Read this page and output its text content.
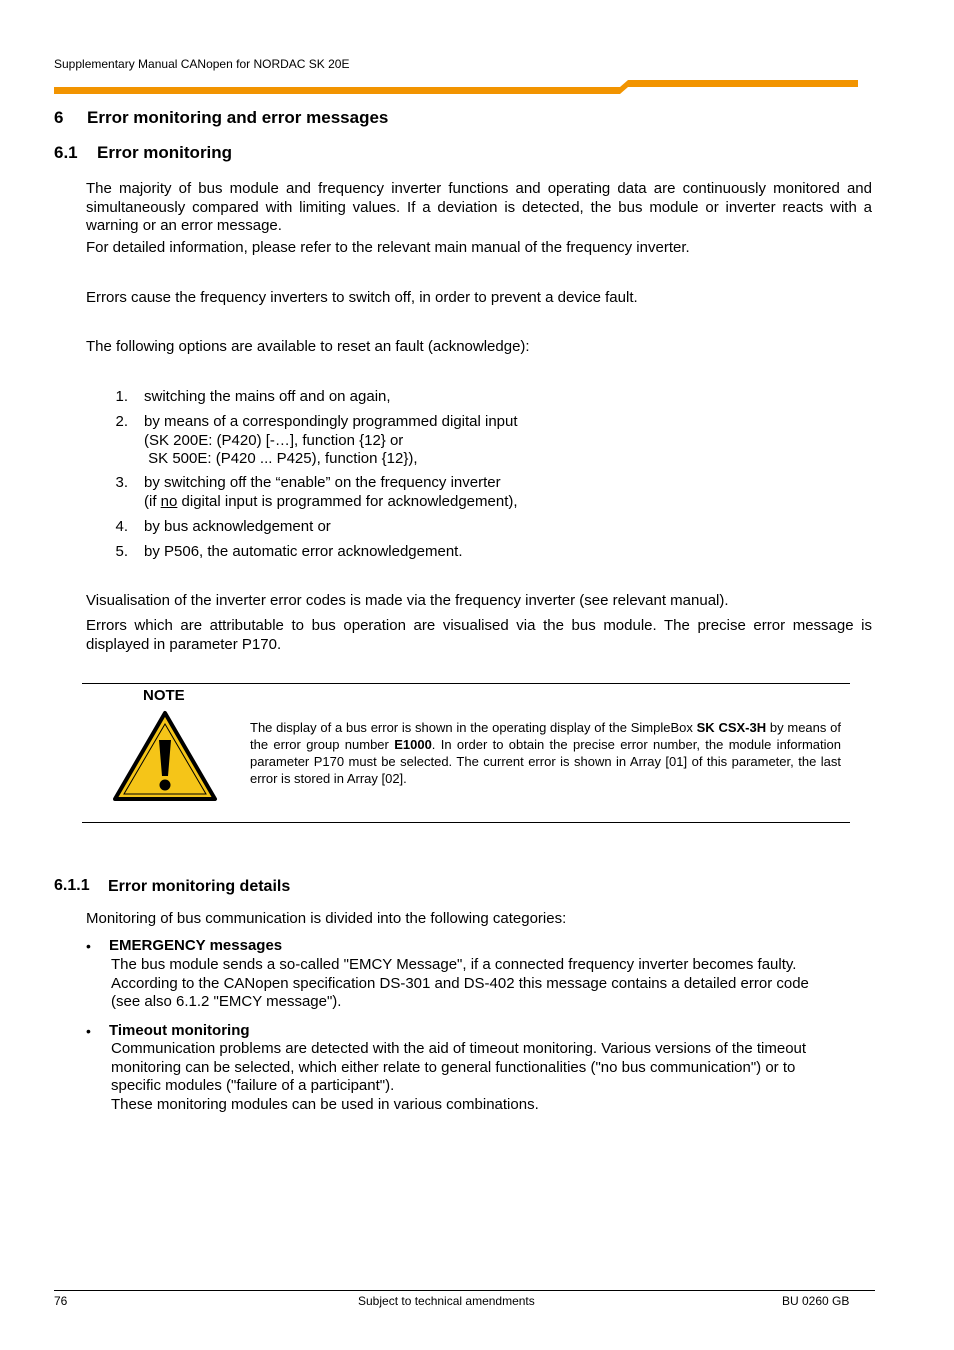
Supplementary Manual CANopen for NORDAC SK 20E
6 Error monitoring and error messages
6.1 Error monitoring
The majority of bus module and frequency inverter functions and operating data are continuously monitored and simultaneously compared with limiting values. If a deviation is detected, the bus module or inverter reacts with a warning or an error message.
For detailed information, please refer to the relevant main manual of the frequency inverter.
Errors cause the frequency inverters to switch off, in order to prevent a device fault.
The following options are available to reset an fault (acknowledge):
1. switching the mains off and on again,
2. by means of a correspondingly programmed digital input
(SK 200E: (P420) [-…], function {12} or
SK 500E: (P420 ... P425), function {12}),
3. by switching off the “enable” on the frequency inverter
(if no digital input is programmed for acknowledgement),
4. by bus acknowledgement or
5. by P506, the automatic error acknowledgement.
Visualisation of the inverter error codes is made via the frequency inverter (see relevant manual).
Errors which are attributable to bus operation are visualised via the bus module. The precise error message is displayed in parameter P170.
NOTE
The display of a bus error is shown in the operating display of the SimpleBox SK CSX-3H by means of the error group number E1000. In order to obtain the precise error number, the module information parameter P170 must be selected. The current error is shown in Array [01] of this parameter, the last error is stored in Array [02].
6.1.1 Error monitoring details
Monitoring of bus communication is divided into the following categories:
• EMERGENCY messages
The bus module sends a so-called "EMCY Message", if a connected frequency inverter becomes faulty.
According to the CANopen specification DS-301 and DS-402 this message contains a detailed error code
(see also 6.1.2 "EMCY message").
• Timeout monitoring
Communication problems are detected with the aid of timeout monitoring. Various versions of the timeout
monitoring can be selected, which either relate to general functionalities ("no bus communication") or to
specific modules ("failure of a participant").
These monitoring modules can be used in various combinations.
76	Subject to technical amendments	BU 0260 GB
